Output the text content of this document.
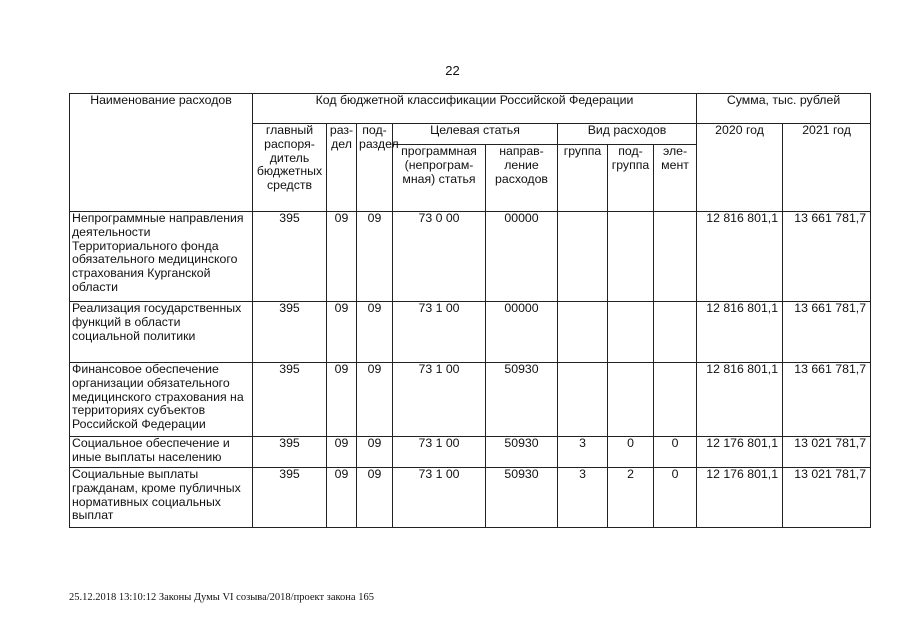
22
Наименование расходов	Код бюджетной классификации Российской Федерации								Сумма, тыс. рублей	
	главный распоря-дитель бюджетных средств	раз-дел	под-раздел	Целевая статья		Вид расходов			2020 год	2021 год
				программная (непрограм-мная) статья	направ-ление расходов	группа	под-группа	эле-мент		
Непрограммные направления деятельности Территориального фонда обязательного медицинского страхования Курганской области	395	09	09	73 0 00	00000				12 816 801,1	13 661 781,7
Реализация государственных функций в области социальной политики	395	09	09	73 1 00	00000				12 816 801,1	13 661 781,7
Финансовое обеспечение организации обязательного медицинского страхования на территориях субъектов Российской Федерации	395	09	09	73 1 00	50930				12 816 801,1	13 661 781,7
Социальное обеспечение и иные выплаты населению	395	09	09	73 1 00	50930	3	0	0	12 176 801,1	13 021 781,7
Социальные выплаты гражданам, кроме публичных нормативных социальных выплат	395	09	09	73 1 00	50930	3	2	0	12 176 801,1	13 021 781,7
25.12.2018 13:10:12 Законы Думы VI созыва/2018/проект закона 165
